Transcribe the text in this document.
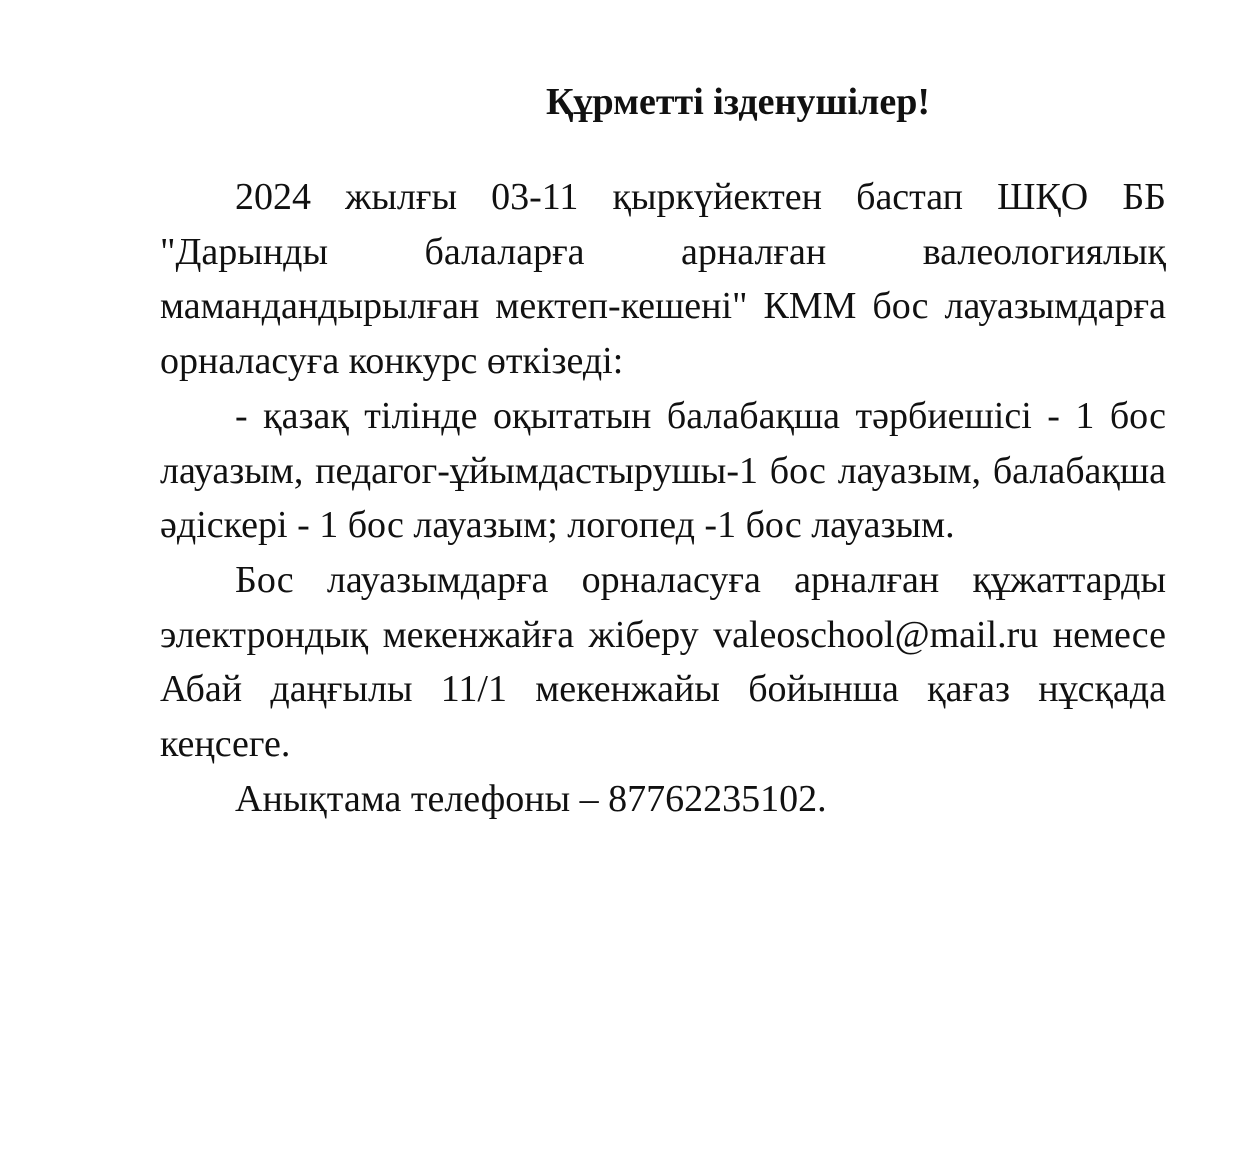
Құрметті ізденушілер!

2024 жылғы 03-11 қыркүйектен бастап ШҚО ББ "Дарынды балаларға арналған валеологиялық мамандандырылған мектеп-кешені" КММ бос лауазымдарға орналасуға конкурс өткізеді:

- қазақ тілінде оқытатын балабақша тәрбиешісі - 1 бос лауазым, педагог-ұйымдастырушы-1 бос лауазым, балабақша әдіскері - 1 бос лауазым; логопед -1 бос лауазым.

Бос лауазымдарға орналасуға арналған құжаттарды электрондық мекенжайға жіберу valeoschool@mail.ru немесе Абай даңғылы 11/1 мекенжайы бойынша қағаз нұсқада кеңсеге.

Анықтама телефоны – 87762235102.
